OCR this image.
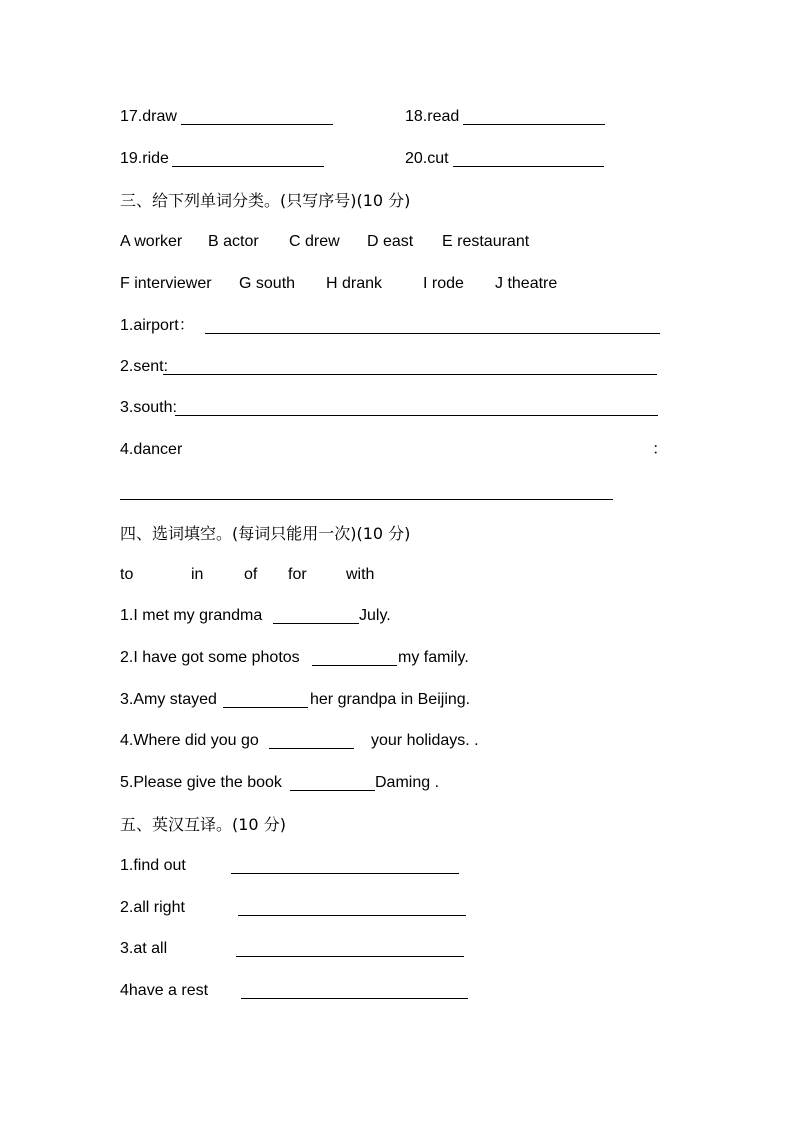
17.draw	18.read
19.ride	20.cut
三、给下列单词分类。(只写序号)(10 分)
A worker B actor C drew D east E restaurant
F interviewer G south H drank	I rode J theatre
1.airport：
2.sent:
3.south:
4.dancer	：
四、选词填空。(每词只能用一次)(10 分)
to	in	of for with
1.I met my grandma	July.
2.I have got some photos	my family.
3.Amy stayed	her grandpa in Beijing.
4.Where did you go	your holidays. .
5.Please give the book	Daming .
五、英汉互译。(10 分)
1.find out
2.all right
3.at all
4have a rest
